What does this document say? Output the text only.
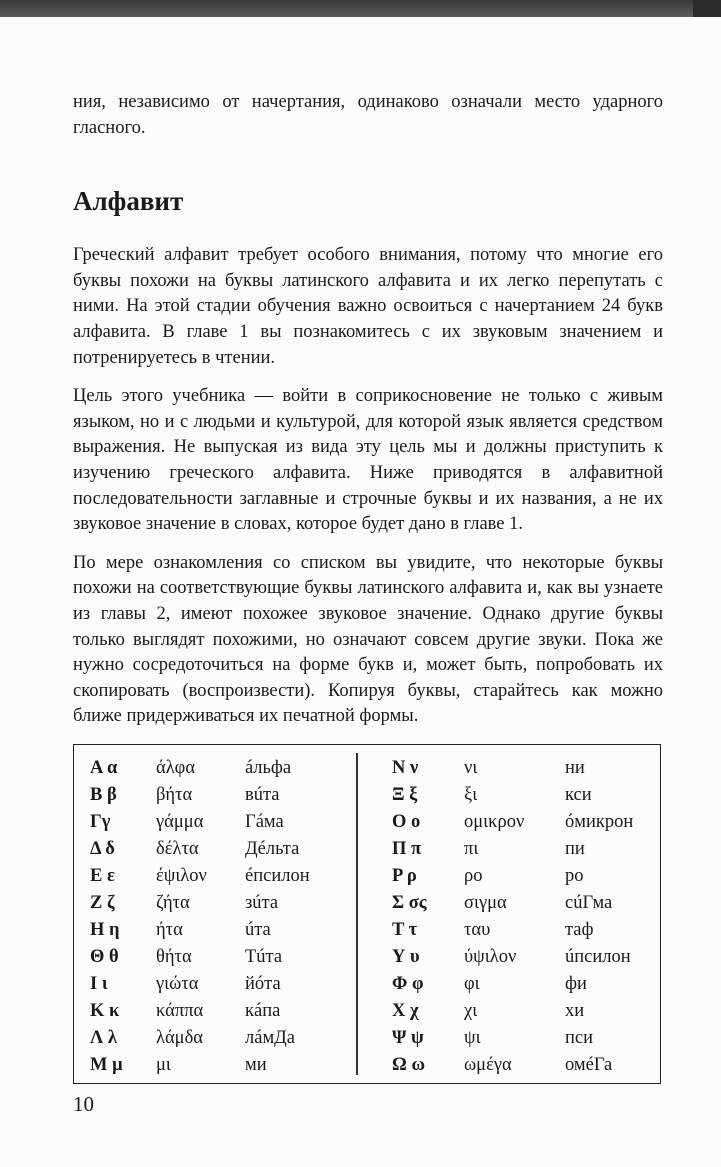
ния, независимо от начертания, одинаково означали место ударного гласного.

Алфавит

Греческий алфавит требует особого внимания, потому что многие его буквы похожи на буквы латинского алфавита и их легко перепутать с ними. На этой стадии обучения важно освоиться с начертанием 24 букв алфавита. В главе 1 вы познакомитесь с их звуковым значением и потренируетесь в чтении.

Цель этого учебника — войти в соприкосновение не только с живым языком, но и с людьми и культурой, для которой язык является средством выражения. Не выпуская из вида эту цель мы и должны приступить к изучению греческого алфавита. Ниже приводятся в алфавитной последовательности заглавные и строчные буквы и их названия, а не их звуковое значение в словах, которое будет дано в главе 1.

По мере ознакомления со списком вы увидите, что некоторые буквы похожи на соответствующие буквы латинского алфавита и, как вы узнаете из главы 2, имеют похожее звуковое значение. Однако другие буквы только выглядят похожими, но означают совсем другие звуки. Пока же нужно сосредоточиться на форме букв и, может быть, попробовать их скопировать (воспроизвести). Копируя буквы, старайтесь как можно ближе придерживаться их печатной формы.

Α α άλφα	áльфа
Β β βήτα	вúта
Γγ γάμμα Гáма
Δ δ δέλτα	Дéльта
Ε ε έψιλον éпсилон
Ζ ζ ζήτα	зúта
Η η ήτα	úта
Θ θ θήτα	Тúта
Ι ι	γιώτα	йóта
Κ κ κάππα кáпа
Λ λ λάμδα лáмДа
Μ μ μι	ми
Ν ν νι	ни
Ξ ξ	ξι	кси
Ο ο ομικρον óмикрон
Π π πι	пи
Ρ ρ	ρο	ро
Σ σς σιγμα	сúГма
Τ τ	ταυ	таф
Υ υ ύψιλον	úпсилон
Φ φ φι	фи
Χ χ χι	хи
Ψ ψ ψι	пси
Ω ω ωμέγα	омéГа
10
